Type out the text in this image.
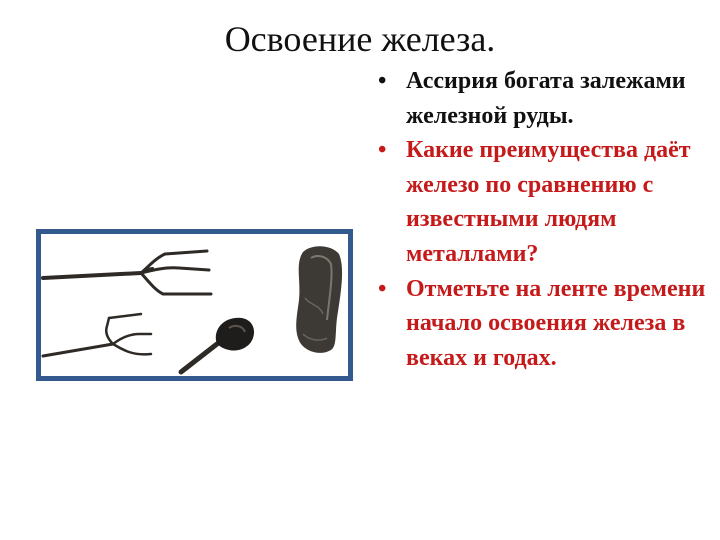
Освоение железа.
• Ассирия богата залежами железной руды.
• Какие преимущества даёт железо по сравнению с известными людям металлами?
• Отметьте на ленте времени начало освоения железа в веках и годах.
